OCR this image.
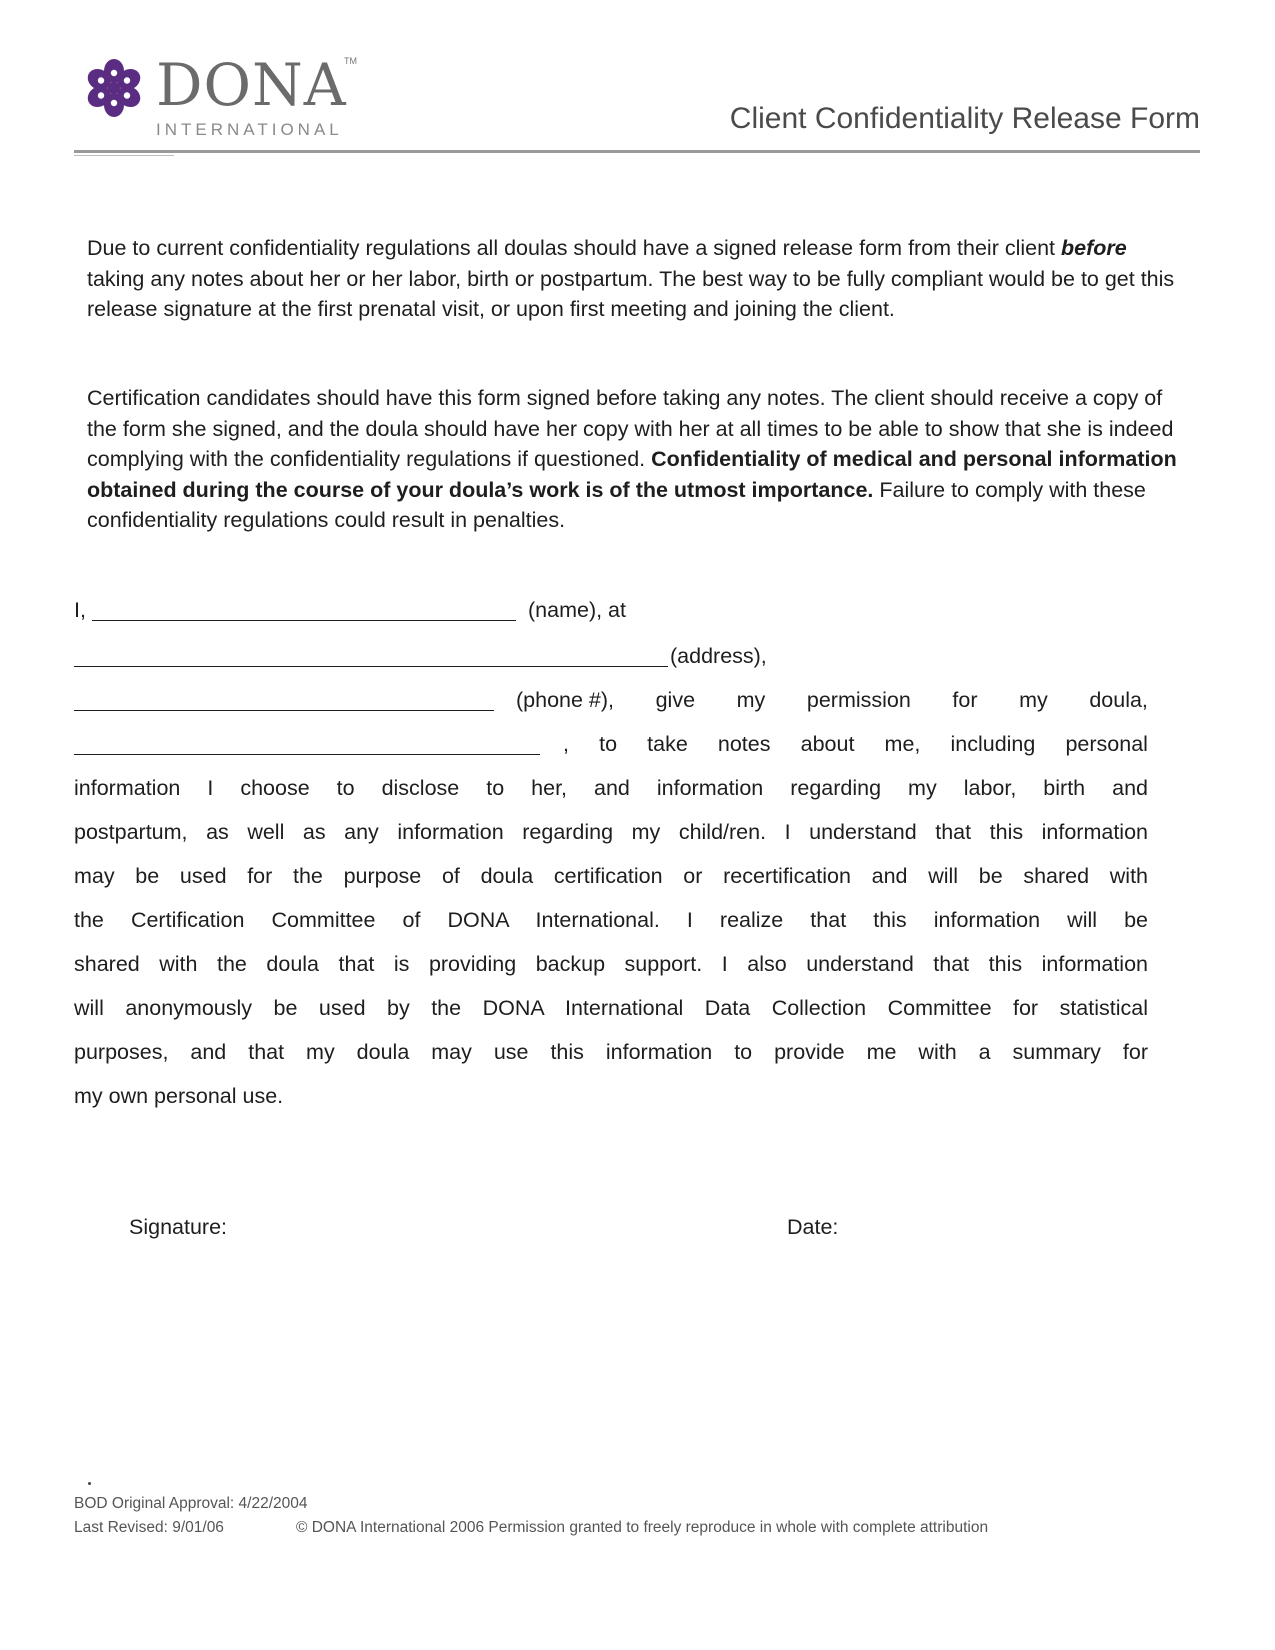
DONA
TM
INTERNATIONAL	Client Confidentiality Release Form
Due to current confidentiality regulations all doulas should have a signed release form from their client before taking any notes about her or her labor, birth or postpartum. The best way to be fully compliant would be to get this release signature at the first prenatal visit, or upon first meeting and joining the client.
Certification candidates should have this form signed before taking any notes. The client should receive a copy of the form she signed, and the doula should have her copy with her at all times to be able to show that she is indeed complying with the confidentiality regulations if questioned. Confidentiality of medical and personal information obtained during the course of your doula’s work is of the utmost importance. Failure to comply with these confidentiality regulations could result in penalties.
I,	(name), at
(address),
(phone #), give my permission for my doula,
, to take notes about me, including personal
information I choose to disclose to her, and information regarding my labor, birth and
postpartum, as well as any information regarding my child/ren. I understand that this information
may be used for the purpose of doula certification or recertification and will be shared with
the Certification Committee of DONA International. I realize that this information will be
shared with the doula that is providing backup support. I also understand that this information
will anonymously be used by the DONA International Data Collection Committee for statistical
purposes, and that my doula may use this information to provide me with a summary for
my own personal use.
Signature:	Date:
BOD Original Approval: 4/22/2004
Last Revised: 9/01/06	© DONA International 2006 Permission granted to freely reproduce in whole with complete attribution
